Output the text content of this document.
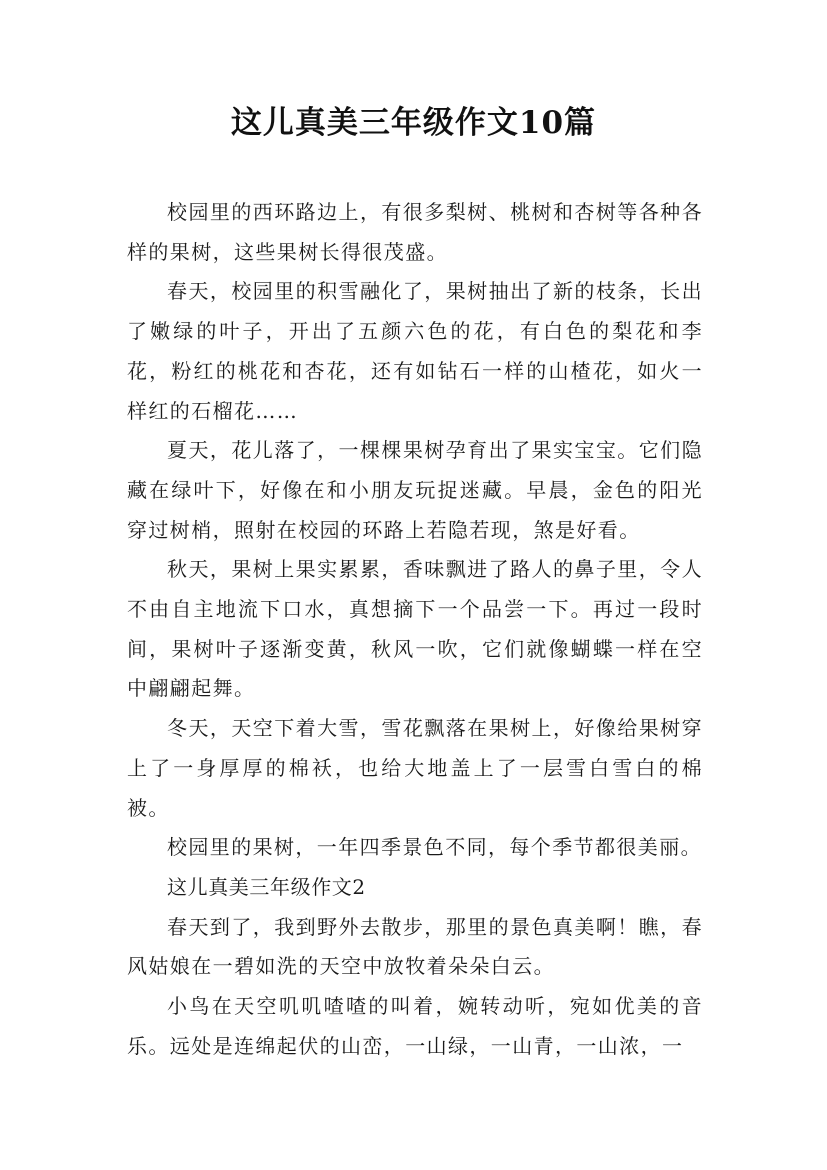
这儿真美三年级作文10篇

校园里的西环路边上，有很多梨树、桃树和杏树等各种各样的果树，这些果树长得很茂盛。

春天，校园里的积雪融化了，果树抽出了新的枝条，长出了嫩绿的叶子，开出了五颜六色的花，有白色的梨花和李花，粉红的桃花和杏花，还有如钻石一样的山楂花，如火一样红的石榴花……

夏天，花儿落了，一棵棵果树孕育出了果实宝宝。它们隐藏在绿叶下，好像在和小朋友玩捉迷藏。早晨，金色的阳光穿过树梢，照射在校园的环路上若隐若现，煞是好看。

秋天，果树上果实累累，香味飘进了路人的鼻子里，令人不由自主地流下口水，真想摘下一个品尝一下。再过一段时间，果树叶子逐渐变黄，秋风一吹，它们就像蝴蝶一样在空中翩翩起舞。

冬天，天空下着大雪，雪花飘落在果树上，好像给果树穿上了一身厚厚的棉袄，也给大地盖上了一层雪白雪白的棉被。

校园里的果树，一年四季景色不同，每个季节都很美丽。

这儿真美三年级作文2

春天到了，我到野外去散步，那里的景色真美啊！瞧，春风姑娘在一碧如洗的天空中放牧着朵朵白云。

小鸟在天空叽叽喳喳的叫着，婉转动听，宛如优美的音乐。远处是连绵起伏的山峦，一山绿，一山青，一山浓，一
